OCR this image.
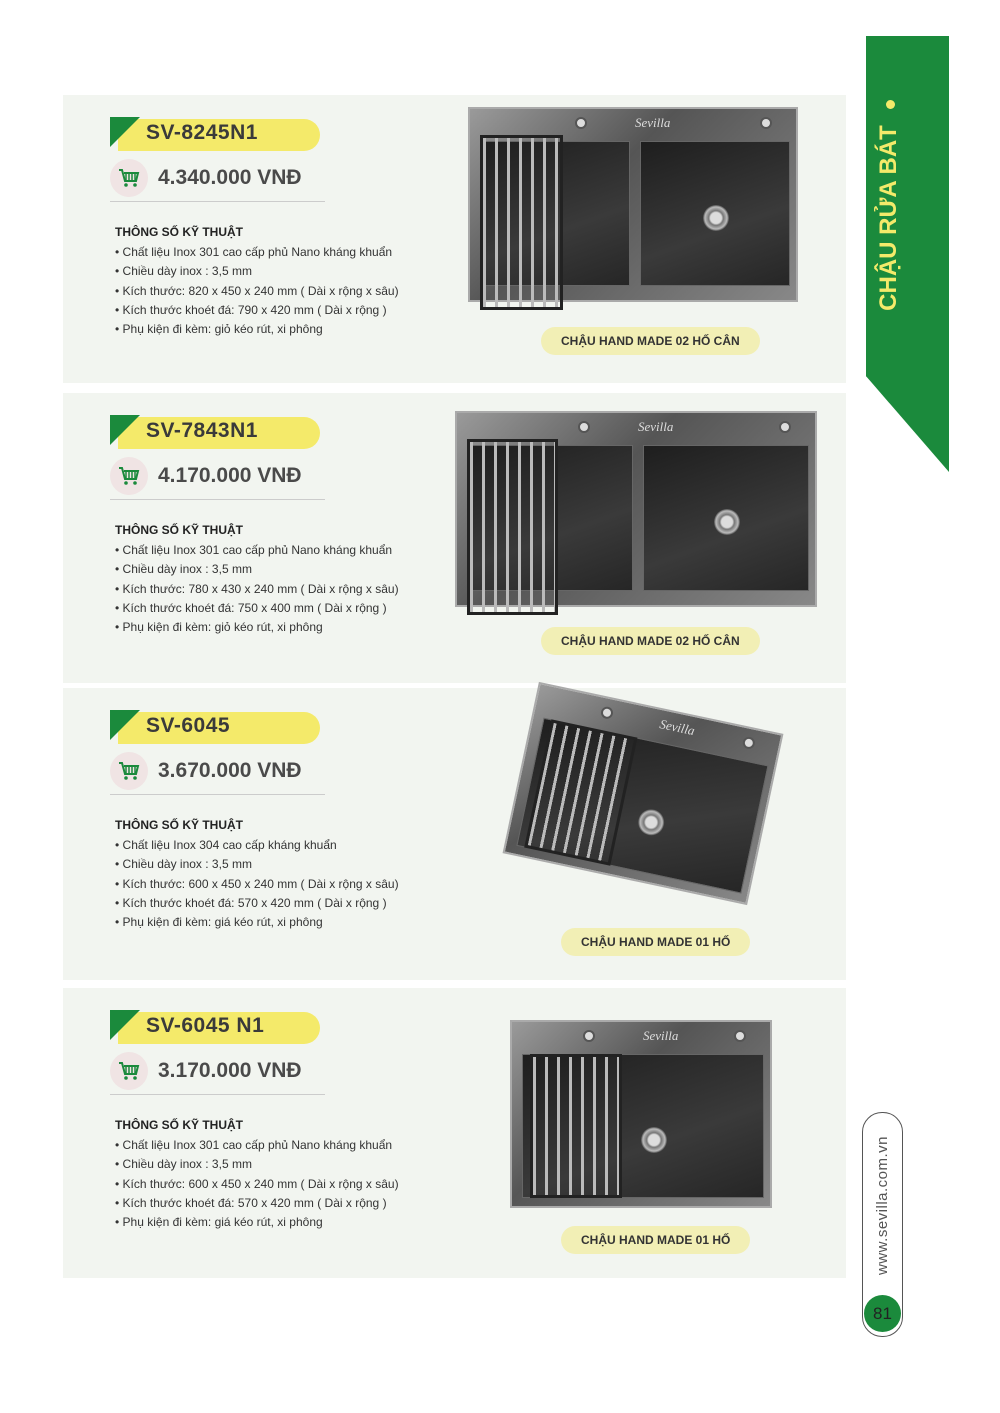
SV-8245N1
4.340.000 VNĐ
THÔNG SỐ KỸ THUẬT
• Chất liệu Inox 301 cao cấp phủ Nano kháng khuẩn
• Chiều dày inox : 3,5 mm
• Kích thước: 820 x 450 x 240 mm ( Dài x rộng x sâu)
• Kích thước khoét đá: 790 x 420 mm ( Dài x rộng )
• Phụ kiện đi kèm: giỏ kéo rút, xi phông
Sevilla
CHẬU HAND MADE 02 HỐ CÂN
SV-7843N1
4.170.000 VNĐ
THÔNG SỐ KỸ THUẬT
• Chất liệu Inox 301 cao cấp phủ Nano kháng khuẩn
• Chiều dày inox : 3,5 mm
• Kích thước: 780 x 430 x 240 mm ( Dài x rộng x sâu)
• Kích thước khoét đá: 750 x 400 mm ( Dài x rộng )
• Phụ kiện đi kèm: giỏ kéo rút, xi phông
Sevilla
CHẬU HAND MADE 02 HỐ CÂN
SV-6045
3.670.000 VNĐ
THÔNG SỐ KỸ THUẬT
• Chất liệu Inox 304 cao cấp kháng khuẩn
• Chiều dày inox : 3,5 mm
• Kích thước: 600 x 450 x 240 mm ( Dài x rộng x sâu)
• Kích thước khoét đá: 570 x 420 mm ( Dài x rộng )
• Phụ kiện đi kèm: giá kéo rút, xi phông
Sevilla
CHẬU HAND MADE 01 HỐ
SV-6045 N1
3.170.000 VNĐ
THÔNG SỐ KỸ THUẬT
• Chất liệu Inox 301 cao cấp phủ Nano kháng khuẩn
• Chiều dày inox : 3,5 mm
• Kích thước: 600 x 450 x 240 mm ( Dài x rộng x sâu)
• Kích thước khoét đá: 570 x 420 mm ( Dài x rộng )
• Phụ kiện đi kèm: giá kéo rút, xi phông
Sevilla
CHẬU HAND MADE 01 HỐ
CHẬU RỬA BÁT
www.sevilla.com.vn
81
